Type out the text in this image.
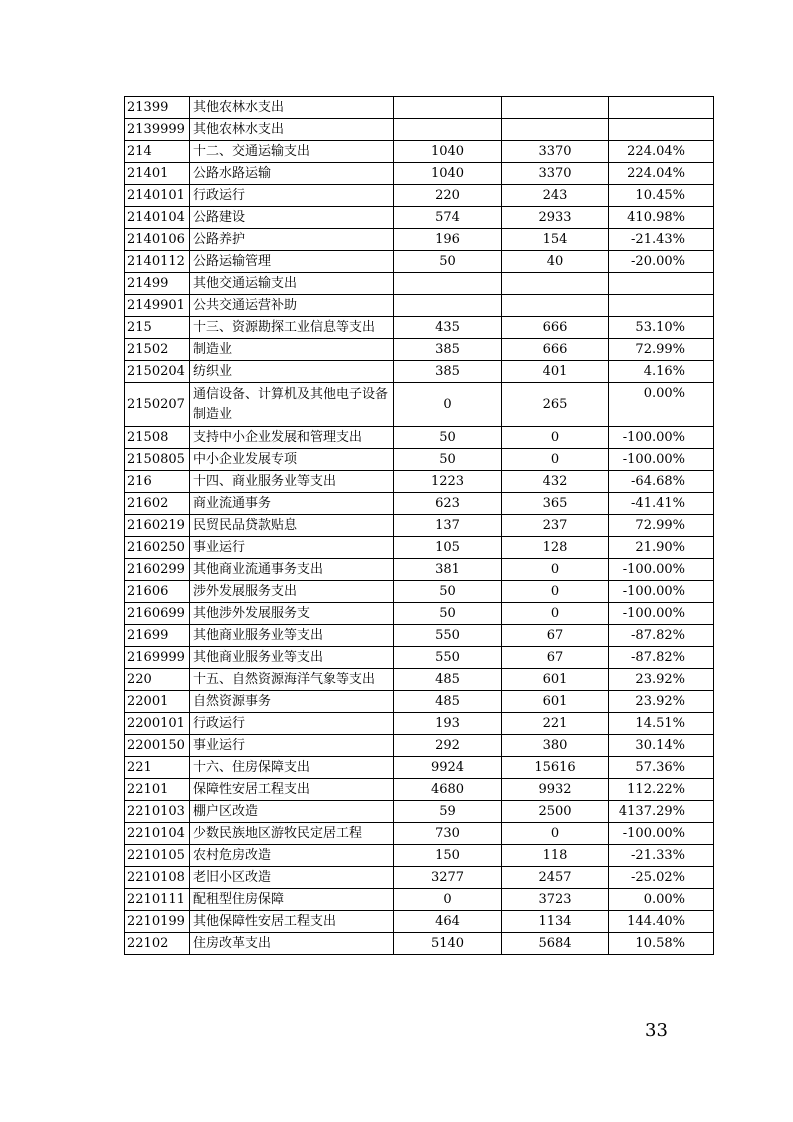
21399	其他农林水支出			
2139999	其他农林水支出			
214	十二、交通运输支出	1040	3370	224.04%
21401	公路水路运输	1040	3370	224.04%
2140101	行政运行	220	243	10.45%
2140104	公路建设	574	2933	410.98%
2140106	公路养护	196	154	-21.43%
2140112	公路运输管理	50	40	-20.00%
21499	其他交通运输支出			
2149901	公共交通运营补助			
215	十三、资源勘探工业信息等支出	435	666	53.10%
21502	制造业	385	666	72.99%
2150204	纺织业	385	401	4.16%
2150207	通信设备、计算机及其他电子设备制造业	0	265	0.00%
21508	支持中小企业发展和管理支出	50	0	-100.00%
2150805	中小企业发展专项	50	0	-100.00%
216	十四、商业服务业等支出	1223	432	-64.68%
21602	商业流通事务	623	365	-41.41%
2160219	民贸民品贷款贴息	137	237	72.99%
2160250	事业运行	105	128	21.90%
2160299	其他商业流通事务支出	381	0	-100.00%
21606	涉外发展服务支出	50	0	-100.00%
2160699	其他涉外发展服务支	50	0	-100.00%
21699	其他商业服务业等支出	550	67	-87.82%
2169999	其他商业服务业等支出	550	67	-87.82%
220	十五、自然资源海洋气象等支出	485	601	23.92%
22001	自然资源事务	485	601	23.92%
2200101	行政运行	193	221	14.51%
2200150	事业运行	292	380	30.14%
221	十六、住房保障支出	9924	15616	57.36%
22101	保障性安居工程支出	4680	9932	112.22%
2210103	棚户区改造	59	2500	4137.29%
2210104	少数民族地区游牧民定居工程	730	0	-100.00%
2210105	农村危房改造	150	118	-21.33%
2210108	老旧小区改造	3277	2457	-25.02%
2210111	配租型住房保障	0	3723	0.00%
2210199	其他保障性安居工程支出	464	1134	144.40%
22102	住房改革支出	5140	5684	10.58%
33
